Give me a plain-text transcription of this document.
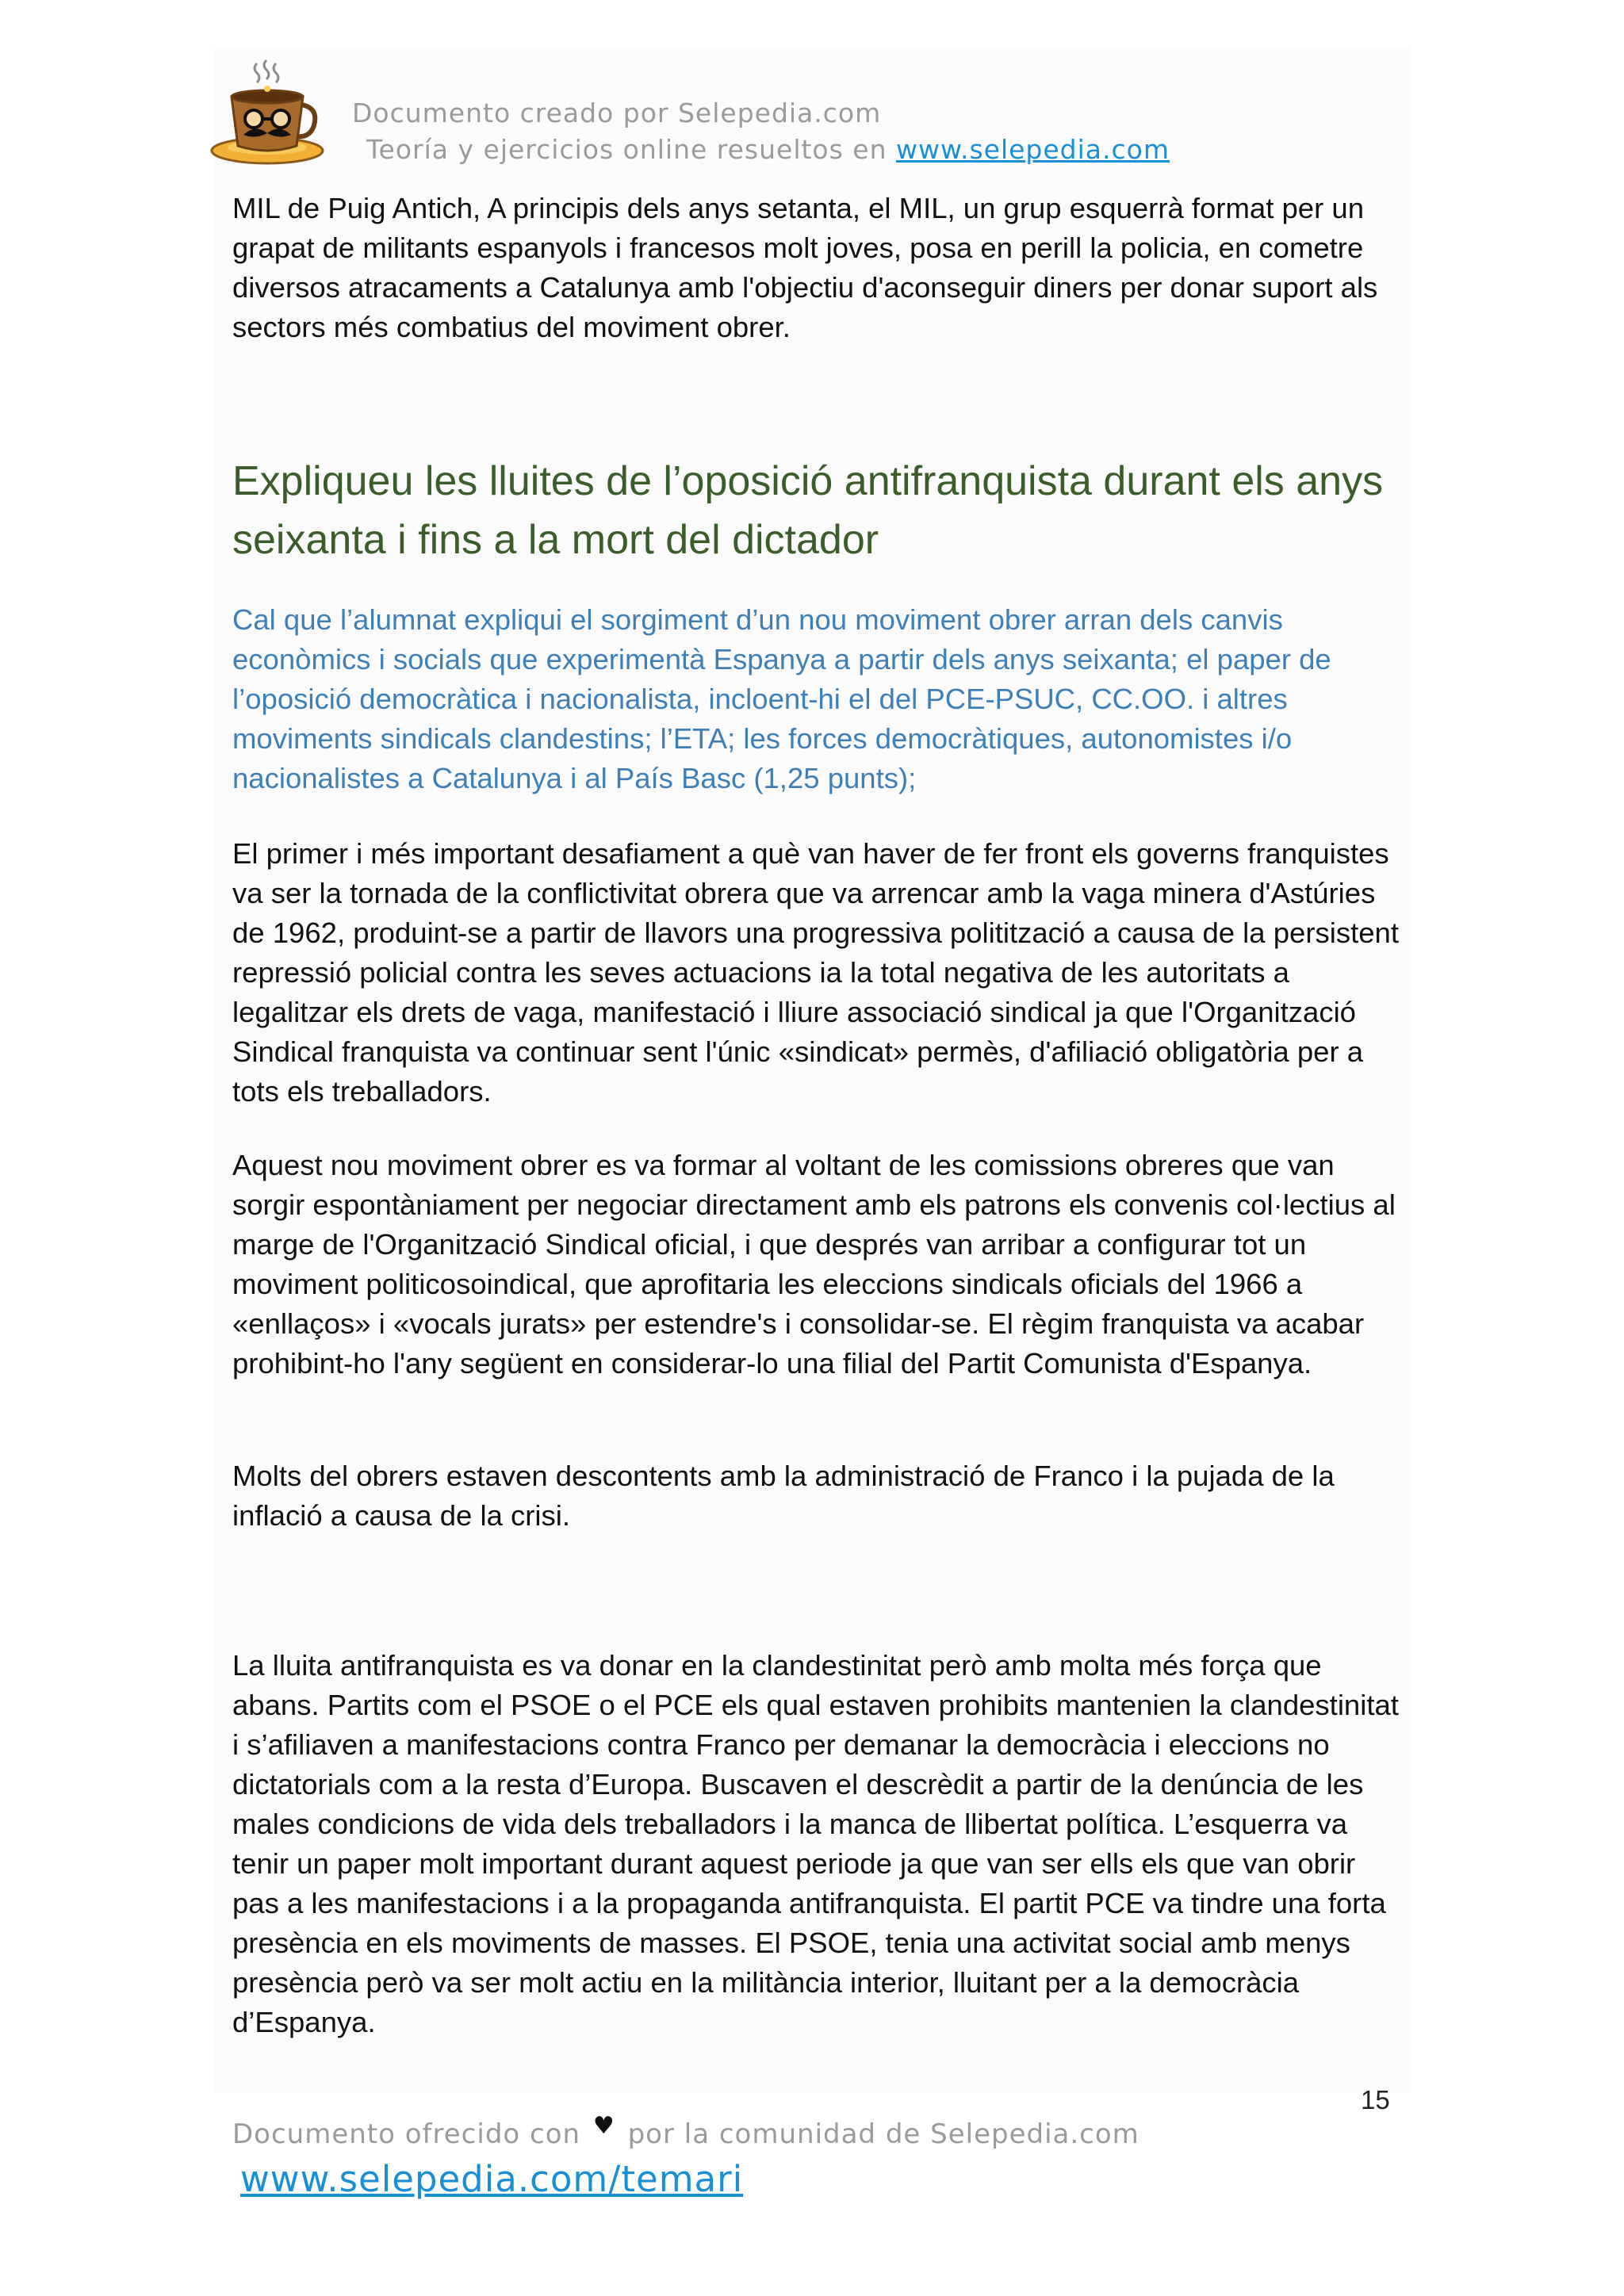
Documento creado por Selepedia.com
Teoría y ejercicios online resueltos en www.selepedia.com

MIL de Puig Antich, A principis dels anys setanta, el MIL, un grup esquerrà format per un grapat de militants espanyols i francesos molt joves, posa en perill la policia, en cometre diversos atracaments a Catalunya amb l'objectiu d'aconseguir diners per donar suport als sectors més combatius del moviment obrer.

Expliqueu les lluites de l’oposició antifranquista durant els anys seixanta i fins a la mort del dictador

Cal que l’alumnat expliqui el sorgiment d’un nou moviment obrer arran dels canvis econòmics i socials que experimentà Espanya a partir dels anys seixanta; el paper de l’oposició democràtica i nacionalista, incloent-hi el del PCE-PSUC, CC.OO. i altres moviments sindicals clandestins; l’ETA; les forces democràtiques, autonomistes i/o nacionalistes a Catalunya i al País Basc (1,25 punts);

El primer i més important desafiament a què van haver de fer front els governs franquistes va ser la tornada de la conflictivitat obrera que va arrencar amb la vaga minera d'Astúries de 1962, produint-se a partir de llavors una progressiva politització a causa de la persistent repressió policial contra les seves actuacions ia la total negativa de les autoritats a legalitzar els drets de vaga, manifestació i lliure associació sindical ja que l'Organització Sindical franquista va continuar sent l'únic «sindicat» permès, d'afiliació obligatòria per a tots els treballadors.

Aquest nou moviment obrer es va formar al voltant de les comissions obreres que van sorgir espontàniament per negociar directament amb els patrons els convenis col·lectius al marge de l'Organització Sindical oficial, i que després van arribar a configurar tot un moviment politicosoindical, que aprofitaria les eleccions sindicals oficials del 1966 a «enllaços» i «vocals jurats» per estendre's i consolidar-se. El règim franquista va acabar prohibint-ho l'any següent en considerar-lo una filial del Partit Comunista d'Espanya.

Molts del obrers estaven descontents amb la administració de Franco i la pujada de la inflació a causa de la crisi.

La lluita antifranquista es va donar en la clandestinitat però amb molta més força que abans. Partits com el PSOE o el PCE els qual estaven prohibits mantenien la clandestinitat i s’afiliaven a manifestacions contra Franco per demanar la democràcia i eleccions no dictatorials com a la resta d’Europa. Buscaven el descrèdit a partir de la denúncia de les males condicions de vida dels treballadors i la manca de llibertat política. L’esquerra va tenir un paper molt important durant aquest periode ja que van ser ells els que van obrir pas a les manifestacions i a la propaganda antifranquista. El partit PCE va tindre una forta presència en els moviments de masses. El PSOE, tenia una activitat social amb menys presència però va ser molt actiu en la militància interior, lluitant per a la democràcia d’Espanya.

15
Documento ofrecido con ♥ por la comunidad de Selepedia.com
www.selepedia.com/temari
